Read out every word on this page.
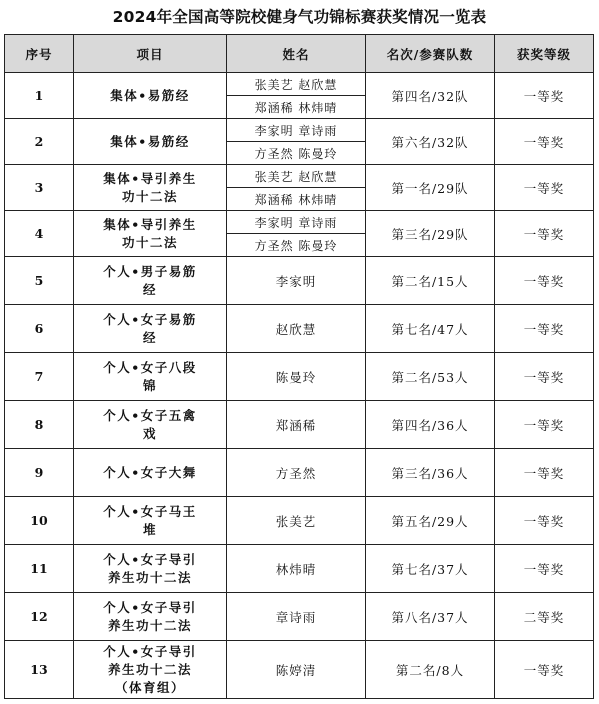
2024年全国高等院校健身气功锦标赛获奖情况一览表
序号	项目	姓名	名次/参赛队数	获奖等级
1	集体•易筋经	张美艺 赵欣慧	第四名/32队	一等奖
		郑涵稀 林炜晴		
2	集体•易筋经	李家明 章诗雨	第六名/32队	一等奖
		方圣然 陈曼玲		
3	集体•导引养生
功十二法	张美艺 赵欣慧	第一名/29队	一等奖
		郑涵稀 林炜晴		
4	集体•导引养生
功十二法	李家明 章诗雨	第三名/29队	一等奖
		方圣然 陈曼玲		
5	个人•男子易筋
经	李家明	第二名/15人	一等奖
6	个人•女子易筋
经	赵欣慧	第七名/47人	一等奖
7	个人•女子八段
锦	陈曼玲	第二名/53人	一等奖
8	个人•女子五禽
戏	郑涵稀	第四名/36人	一等奖
9	个人•女子大舞	方圣然	第三名/36人	一等奖
10	个人•女子马王
堆	张美艺	第五名/29人	一等奖
11	个人•女子导引
养生功十二法	林炜晴	第七名/37人	一等奖
12	个人•女子导引
养生功十二法	章诗雨	第八名/37人	二等奖
13	个人•女子导引
养生功十二法
（体育组）	陈婷清	第二名/8人	一等奖
